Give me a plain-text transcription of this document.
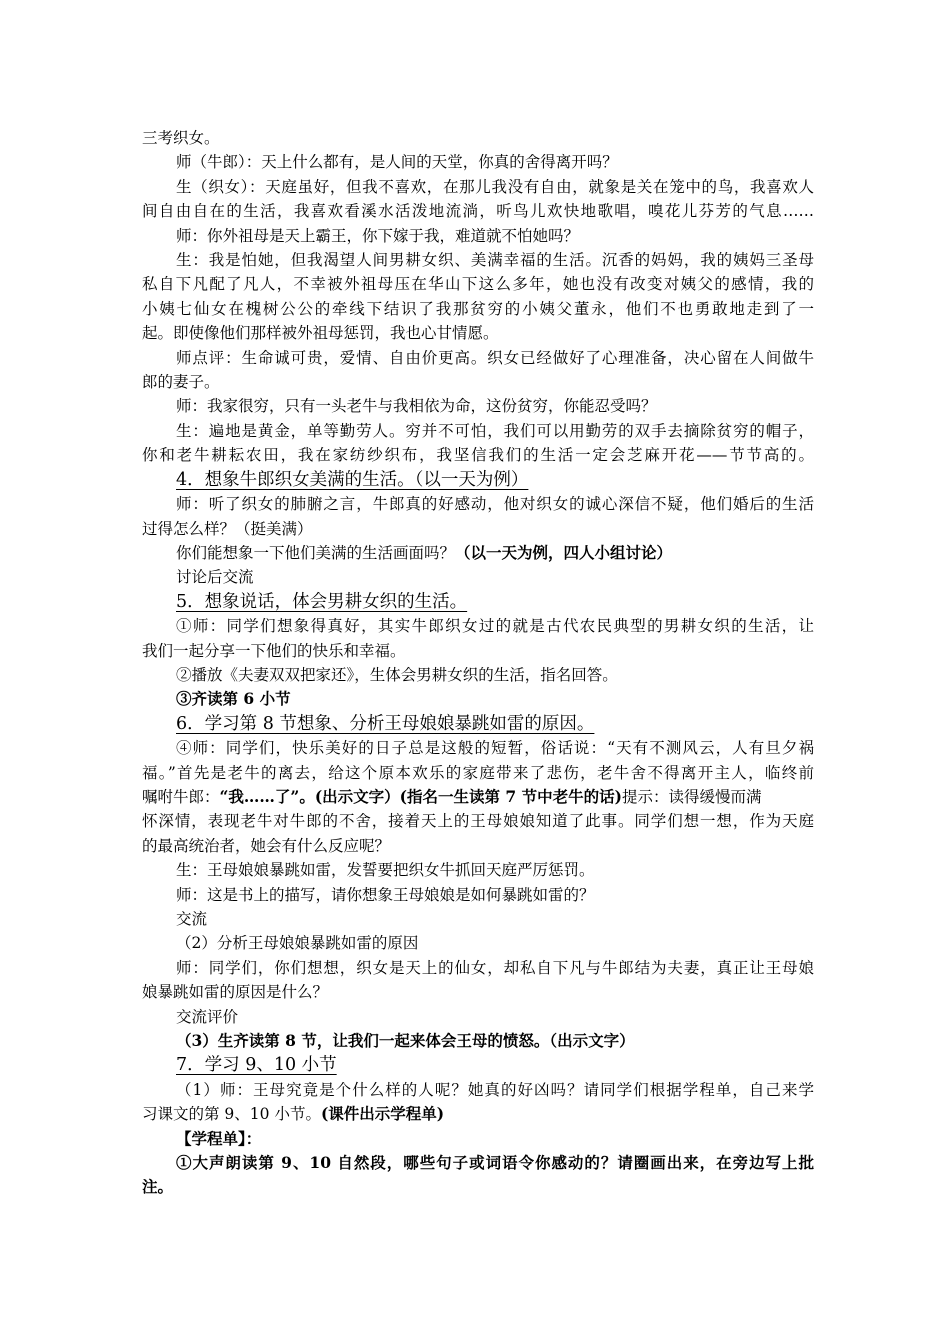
三考织女。

师（牛郎）：天上什么都有，是人间的天堂，你真的舍得离开吗？

生（织女）：天庭虽好，但我不喜欢，在那儿我没有自由，就象是关在笼中的鸟，我喜欢人

间自由自在的生活，我喜欢看溪水活泼地流淌，听鸟儿欢快地歌唱，嗅花儿芬芳的气息……

师：你外祖母是天上霸王，你下嫁于我，难道就不怕她吗？

生：我是怕她，但我渴望人间男耕女织、美满幸福的生活。沉香的妈妈，我的姨妈三圣母

私自下凡配了凡人，不幸被外祖母压在华山下这么多年，她也没有改变对姨父的感情，我的

小姨七仙女在槐树公公的牵线下结识了我那贫穷的小姨父董永，他们不也勇敢地走到了一

起。即使像他们那样被外祖母惩罚，我也心甘情愿。

师点评：生命诚可贵，爱情、自由价更高。织女已经做好了心理准备，决心留在人间做牛

郎的妻子。

师：我家很穷，只有一头老牛与我相依为命，这份贫穷，你能忍受吗？

生：遍地是黄金，单等勤劳人。穷并不可怕，我们可以用勤劳的双手去摘除贫穷的帽子，

你和老牛耕耘农田，我在家纺纱织布，我坚信我们的生活一定会芝麻开花——节节高的。

4．想象牛郎织女美满的生活。（以一天为例）

师：听了织女的肺腑之言，牛郎真的好感动，他对织女的诚心深信不疑，他们婚后的生活

过得怎么样？（挺美满）

你们能想象一下他们美满的生活画面吗？（以一天为例，四人小组讨论）

讨论后交流

5．想象说话，体会男耕女织的生活。

①师：同学们想象得真好，其实牛郎织女过的就是古代农民典型的男耕女织的生活，让

我们一起分享一下他们的快乐和幸福。

②播放《夫妻双双把家还》，生体会男耕女织的生活，指名回答。

③齐读第 6 小节

6．学习第 8 节想象、分析王母娘娘暴跳如雷的原因。

④师：同学们，快乐美好的日子总是这般的短暂，俗话说：“天有不测风云，人有旦夕祸

福。”首先是老牛的离去，给这个原本欢乐的家庭带来了悲伤，老牛舍不得离开主人，临终前

嘱咐牛郎：“我……了”。(出示文字）(指名一生读第 7 节中老牛的话)提示：读得缓慢而满

怀深情，表现老牛对牛郎的不舍，接着天上的王母娘娘知道了此事。同学们想一想，作为天庭

的最高统治者，她会有什么反应呢？

生：王母娘娘暴跳如雷，发誓要把织女牛抓回天庭严厉惩罚。

师：这是书上的描写，请你想象王母娘娘是如何暴跳如雷的？

交流

（2）分析王母娘娘暴跳如雷的原因

师：同学们，你们想想，织女是天上的仙女，却私自下凡与牛郎结为夫妻，真正让王母娘

娘暴跳如雷的原因是什么？

交流评价

（3）生齐读第 8 节，让我们一起来体会王母的愤怒。（出示文字）

7．学习 9、10 小节

（1）师：王母究竟是个什么样的人呢？她真的好凶吗？请同学们根据学程单，自己来学

习课文的第 9、10 小节。(课件出示学程单)

【学程单】：

①大声朗读第 9、10 自然段，哪些句子或词语令你感动的？请圈画出来，在旁边写上批

注。
